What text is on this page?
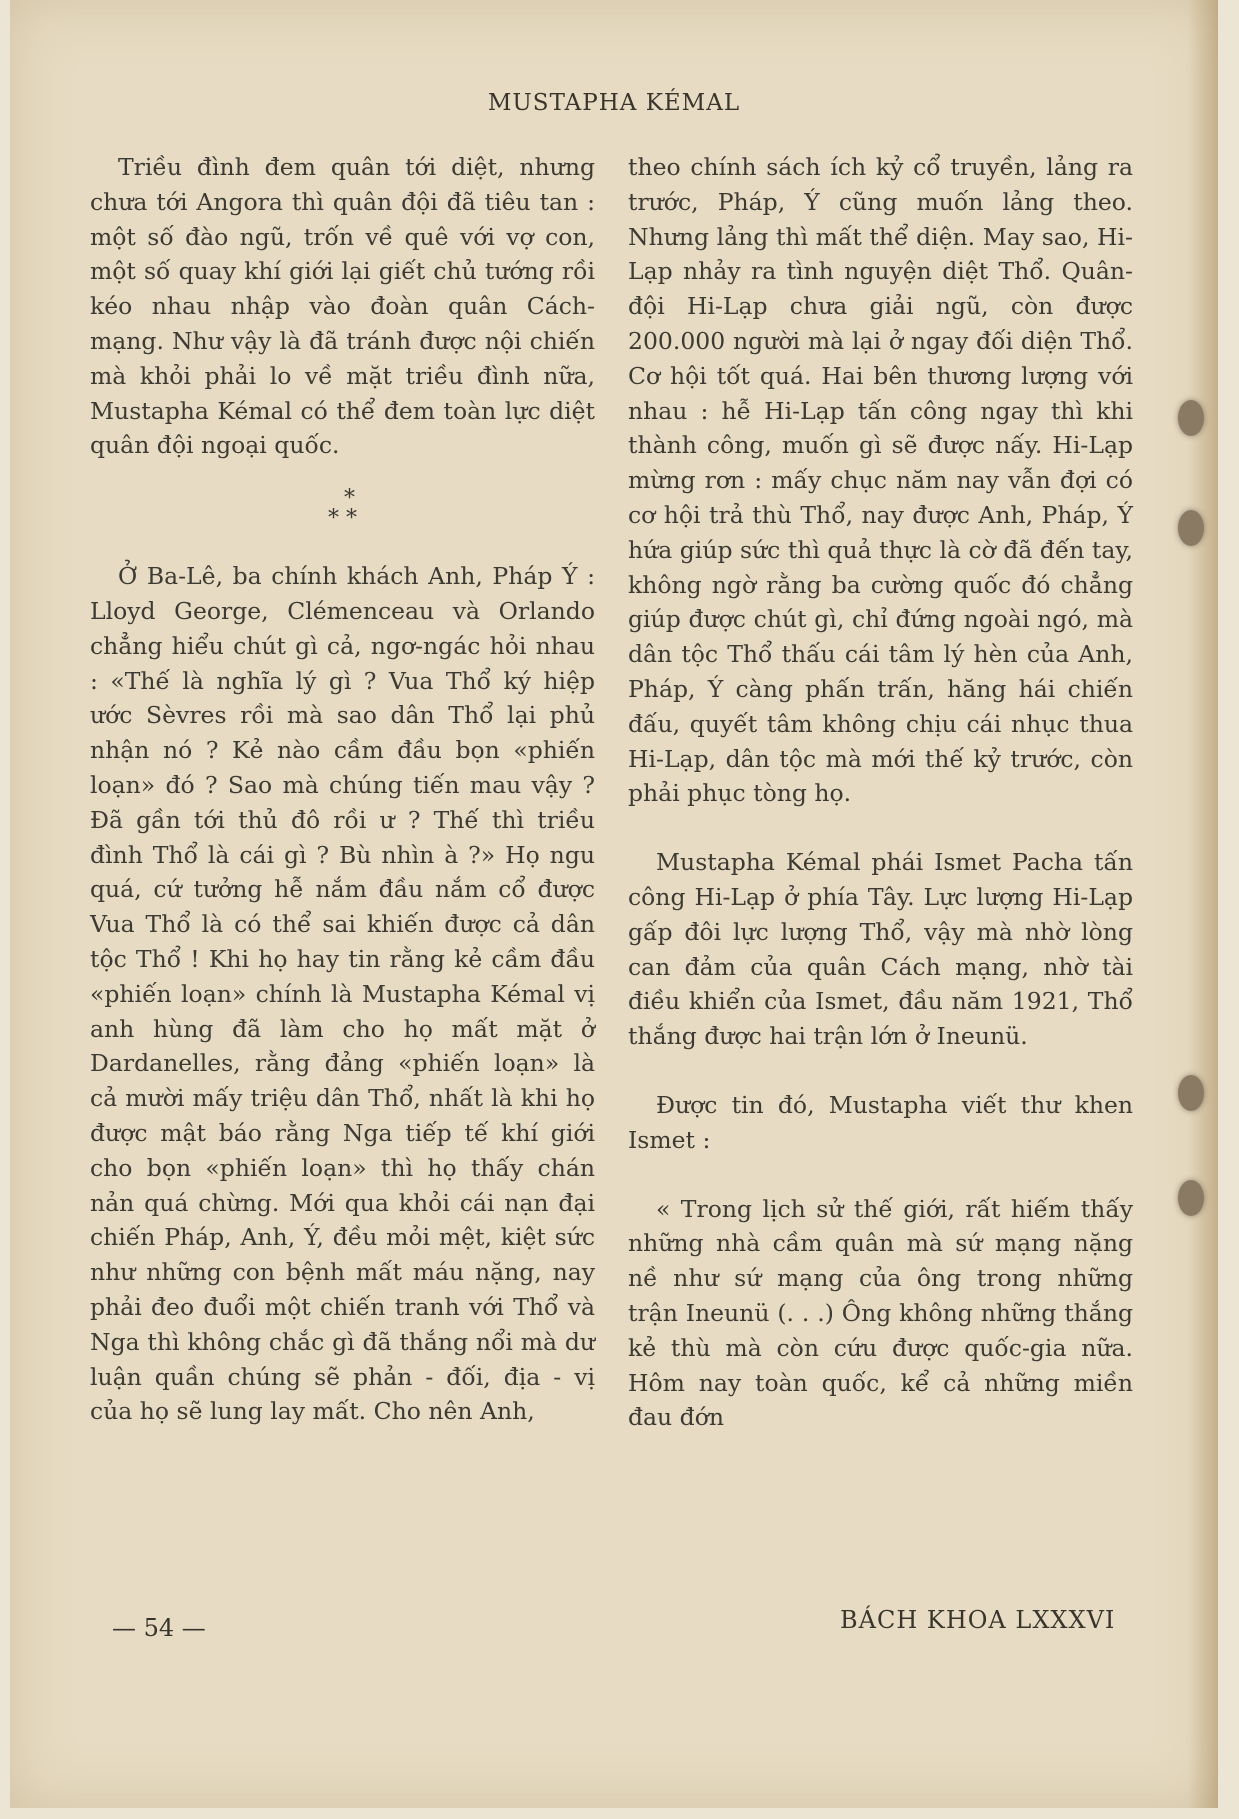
MUSTAPHA KÉMAL

Triều đình đem quân tới diệt, nhưng chưa tới Angora thì quân đội đã tiêu tan : một số đào ngũ, trốn về quê với vợ con, một số quay khí giới lại giết chủ tướng rồi kéo nhau nhập vào đoàn quân Cách-mạng. Như vậy là đã tránh được nội chiến mà khỏi phải lo về mặt triều đình nữa, Mustapha Kémal có thể đem toàn lực diệt quân đội ngoại quốc.

*
* *

Ở Ba-Lê, ba chính khách Anh, Pháp Ý : Lloyd George, Clémenceau và Orlando chẳng hiểu chút gì cả, ngơ-ngác hỏi nhau : «Thế là nghĩa lý gì ? Vua Thổ ký hiệp ước Sèvres rồi mà sao dân Thổ lại phủ nhận nó ? Kẻ nào cầm đầu bọn «phiến loạn» đó ? Sao mà chúng tiến mau vậy ? Đã gần tới thủ đô rồi ư ? Thế thì triều đình Thổ là cái gì ? Bù nhìn à ?» Họ ngu quá, cứ tưởng hễ nắm đầu nắm cổ được Vua Thổ là có thể sai khiến được cả dân tộc Thổ ! Khi họ hay tin rằng kẻ cầm đầu «phiến loạn» chính là Mustapha Kémal vị anh hùng đã làm cho họ mất mặt ở Dardanelles, rằng đảng «phiến loạn» là cả mười mấy triệu dân Thổ, nhất là khi họ được mật báo rằng Nga tiếp tế khí giới cho bọn «phiến loạn» thì họ thấy chán nản quá chừng. Mới qua khỏi cái nạn đại chiến Pháp, Anh, Ý, đều mỏi mệt, kiệt sức như những con bệnh mất máu nặng, nay phải đeo đuổi một chiến tranh với Thổ và Nga thì không chắc gì đã thắng nổi mà dư luận quần chúng sẽ phản - đối, địa - vị của họ sẽ lung lay mất. Cho nên Anh,

theo chính sách ích kỷ cổ truyền, lảng ra trước, Pháp, Ý cũng muốn lảng theo. Nhưng lảng thì mất thể diện. May sao, Hi-Lạp nhảy ra tình nguyện diệt Thổ. Quân-đội Hi-Lạp chưa giải ngũ, còn được 200.000 người mà lại ở ngay đối diện Thổ. Cơ hội tốt quá. Hai bên thương lượng với nhau : hễ Hi-Lạp tấn công ngay thì khi thành công, muốn gì sẽ được nấy. Hi-Lạp mừng rơn : mấy chục năm nay vẫn đợi có cơ hội trả thù Thổ, nay được Anh, Pháp, Ý hứa giúp sức thì quả thực là cờ đã đến tay, không ngờ rằng ba cường quốc đó chẳng giúp được chút gì, chỉ đứng ngoài ngó, mà dân tộc Thổ thấu cái tâm lý hèn của Anh, Pháp, Ý càng phấn trấn, hăng hái chiến đấu, quyết tâm không chịu cái nhục thua Hi-Lạp, dân tộc mà mới thế kỷ trước, còn phải phục tòng họ.

Mustapha Kémal phái Ismet Pacha tấn công Hi-Lạp ở phía Tây. Lực lượng Hi-Lạp gấp đôi lực lượng Thổ, vậy mà nhờ lòng can đảm của quân Cách mạng, nhờ tài điều khiển của Ismet, đầu năm 1921, Thổ thắng được hai trận lớn ở Ineunü.

Được tin đó, Mustapha viết thư khen Ismet :

« Trong lịch sử thế giới, rất hiếm thấy những nhà cầm quân mà sứ mạng nặng nề như sứ mạng của ông trong những trận Ineunü (. . .) Ông không những thắng kẻ thù mà còn cứu được quốc-gia nữa. Hôm nay toàn quốc, kể cả những miền đau đớn

— 54 —	BÁCH KHOA LXXXVI
